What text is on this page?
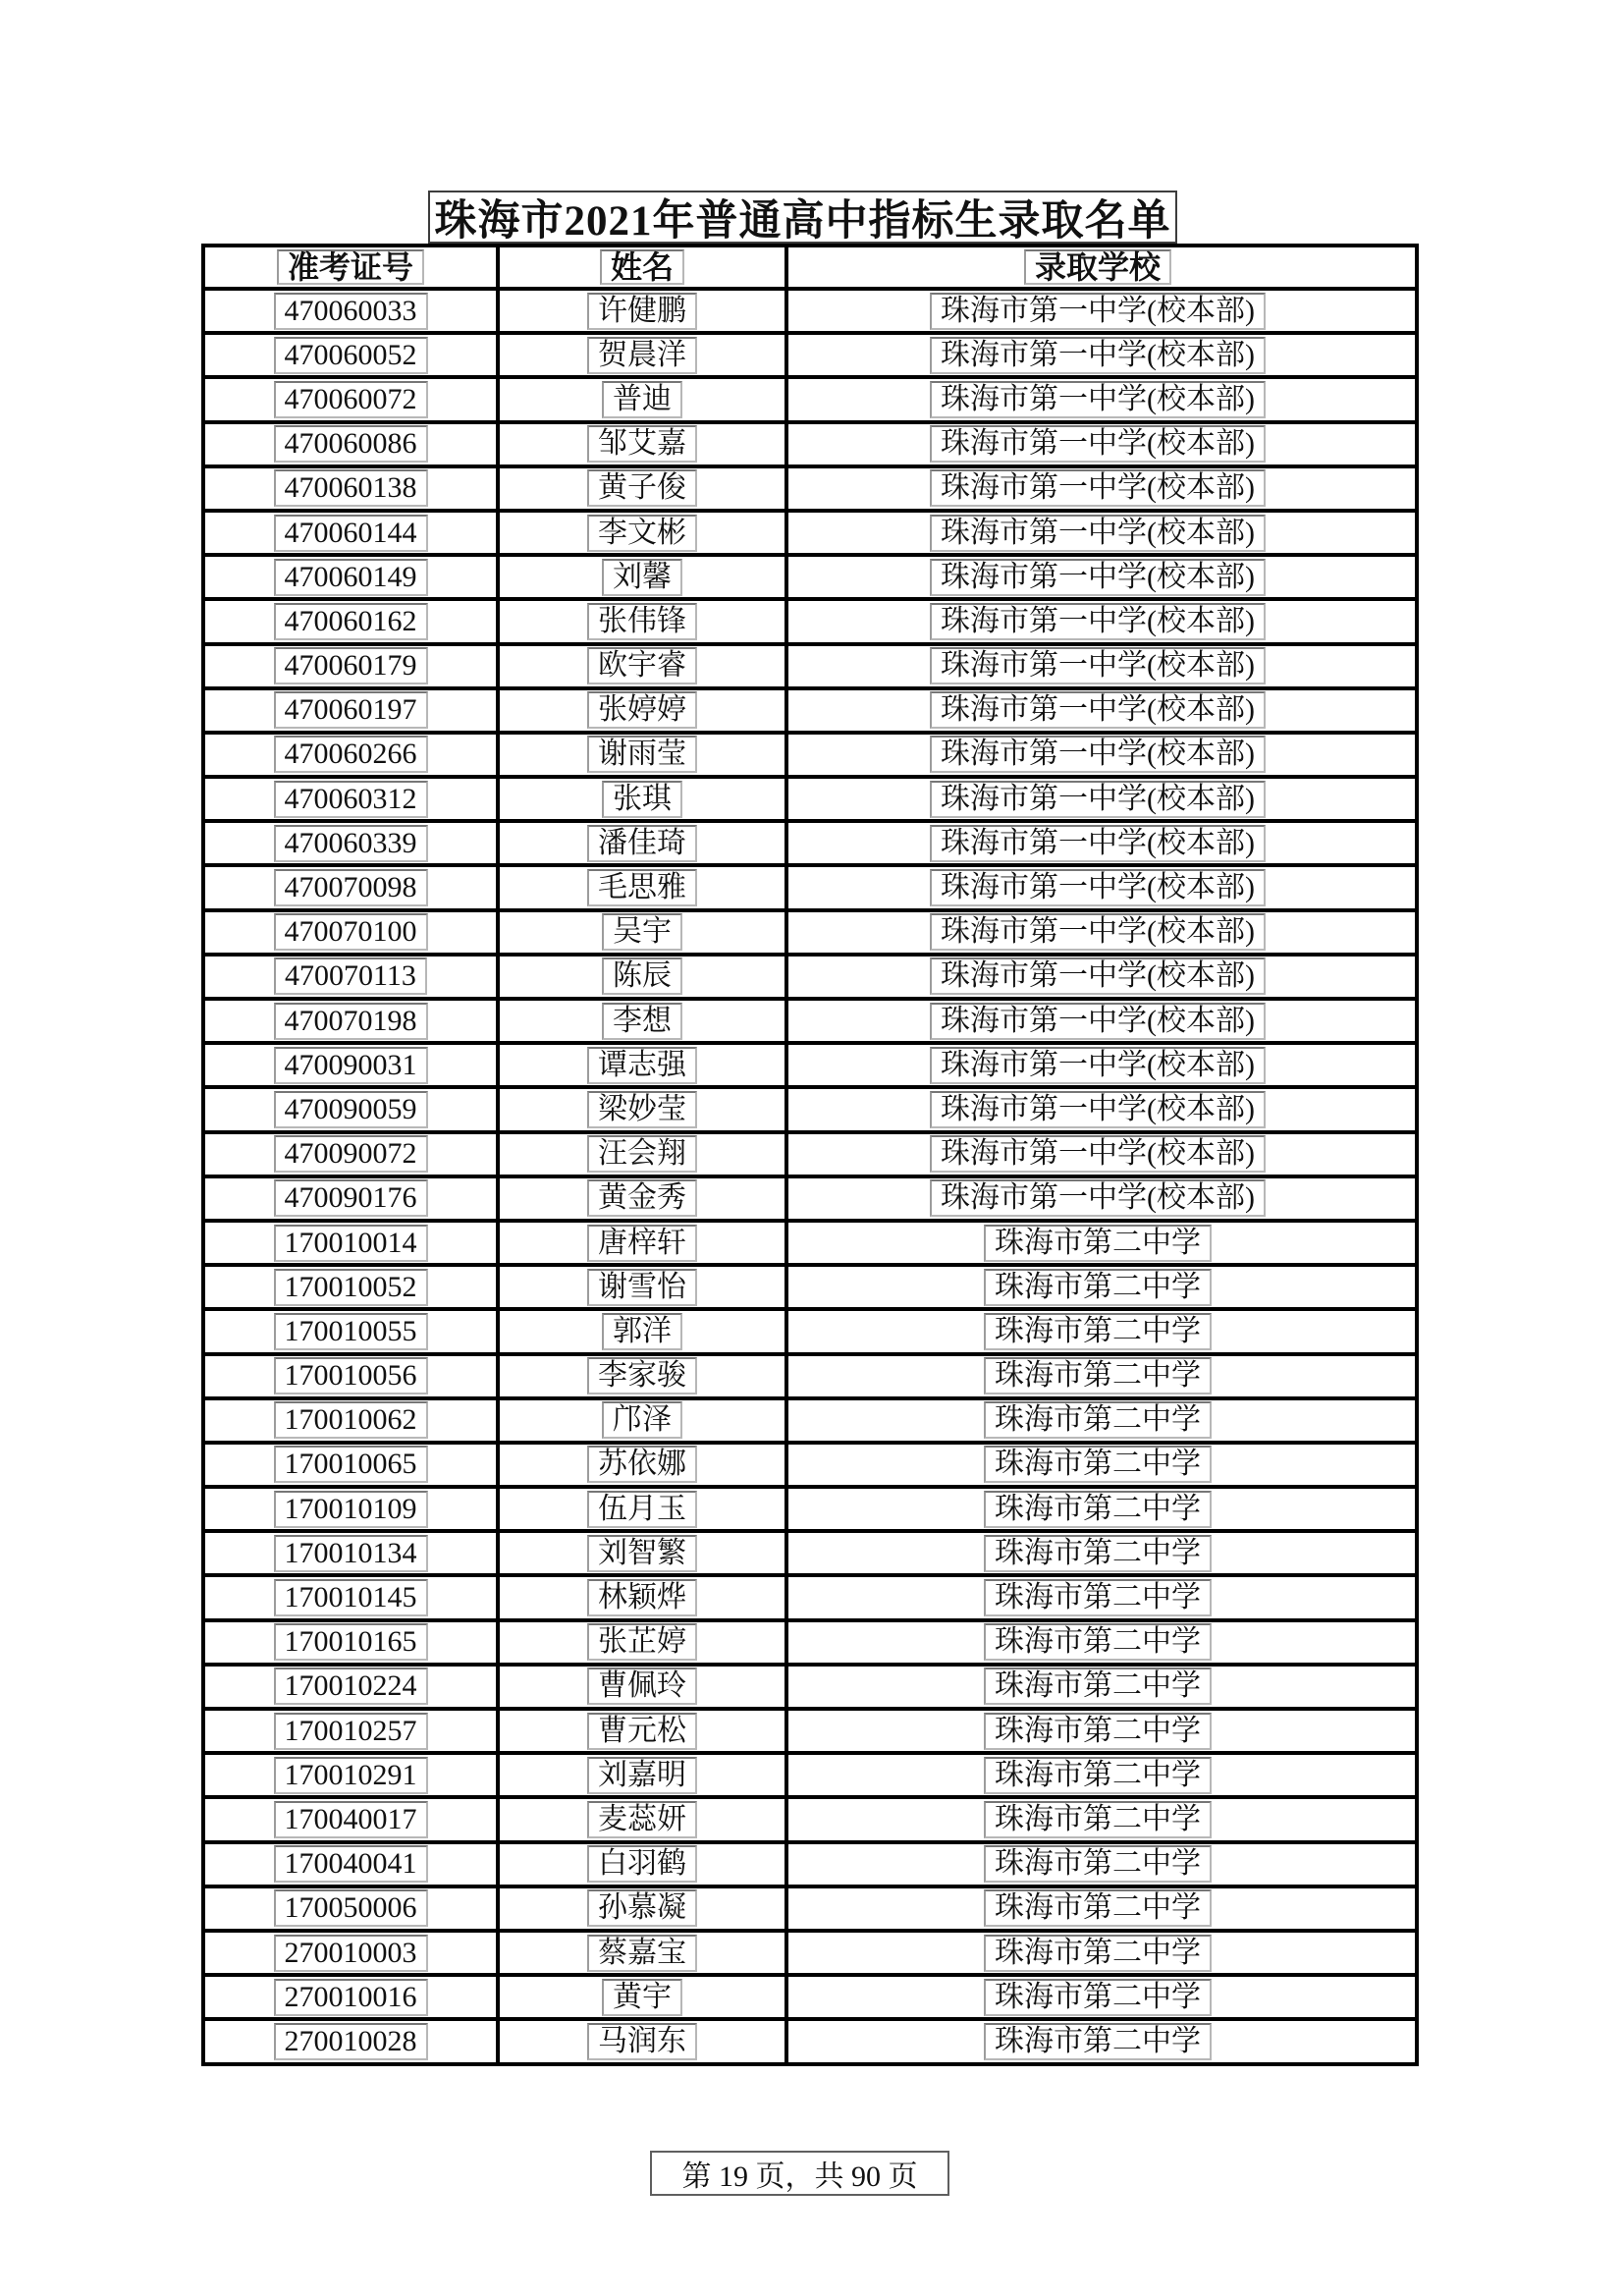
珠海市2021年普通高中指标生录取名单
准考证号	姓名	录取学校
470060033	许健鹏	珠海市第一中学(校本部)
470060052	贺晨洋	珠海市第一中学(校本部)
470060072	普迪	珠海市第一中学(校本部)
470060086	邹艾嘉	珠海市第一中学(校本部)
470060138	黄子俊	珠海市第一中学(校本部)
470060144	李文彬	珠海市第一中学(校本部)
470060149	刘馨	珠海市第一中学(校本部)
470060162	张伟锋	珠海市第一中学(校本部)
470060179	欧宇睿	珠海市第一中学(校本部)
470060197	张婷婷	珠海市第一中学(校本部)
470060266	谢雨莹	珠海市第一中学(校本部)
470060312	张琪	珠海市第一中学(校本部)
470060339	潘佳琦	珠海市第一中学(校本部)
470070098	毛思雅	珠海市第一中学(校本部)
470070100	吴宇	珠海市第一中学(校本部)
470070113	陈辰	珠海市第一中学(校本部)
470070198	李想	珠海市第一中学(校本部)
470090031	谭志强	珠海市第一中学(校本部)
470090059	梁妙莹	珠海市第一中学(校本部)
470090072	汪会翔	珠海市第一中学(校本部)
470090176	黄金秀	珠海市第一中学(校本部)
170010014	唐梓轩	珠海市第二中学
170010052	谢雪怡	珠海市第二中学
170010055	郭洋	珠海市第二中学
170010056	李家骏	珠海市第二中学
170010062	邝泽	珠海市第二中学
170010065	苏依娜	珠海市第二中学
170010109	伍月玉	珠海市第二中学
170010134	刘智繁	珠海市第二中学
170010145	林颖烨	珠海市第二中学
170010165	张芷婷	珠海市第二中学
170010224	曹佩玲	珠海市第二中学
170010257	曹元松	珠海市第二中学
170010291	刘嘉明	珠海市第二中学
170040017	麦蕊妍	珠海市第二中学
170040041	白羽鹤	珠海市第二中学
170050006	孙慕凝	珠海市第二中学
270010003	蔡嘉宝	珠海市第二中学
270010016	黄宇	珠海市第二中学
270010028	马润东	珠海市第二中学
第 19 页，共 90 页
